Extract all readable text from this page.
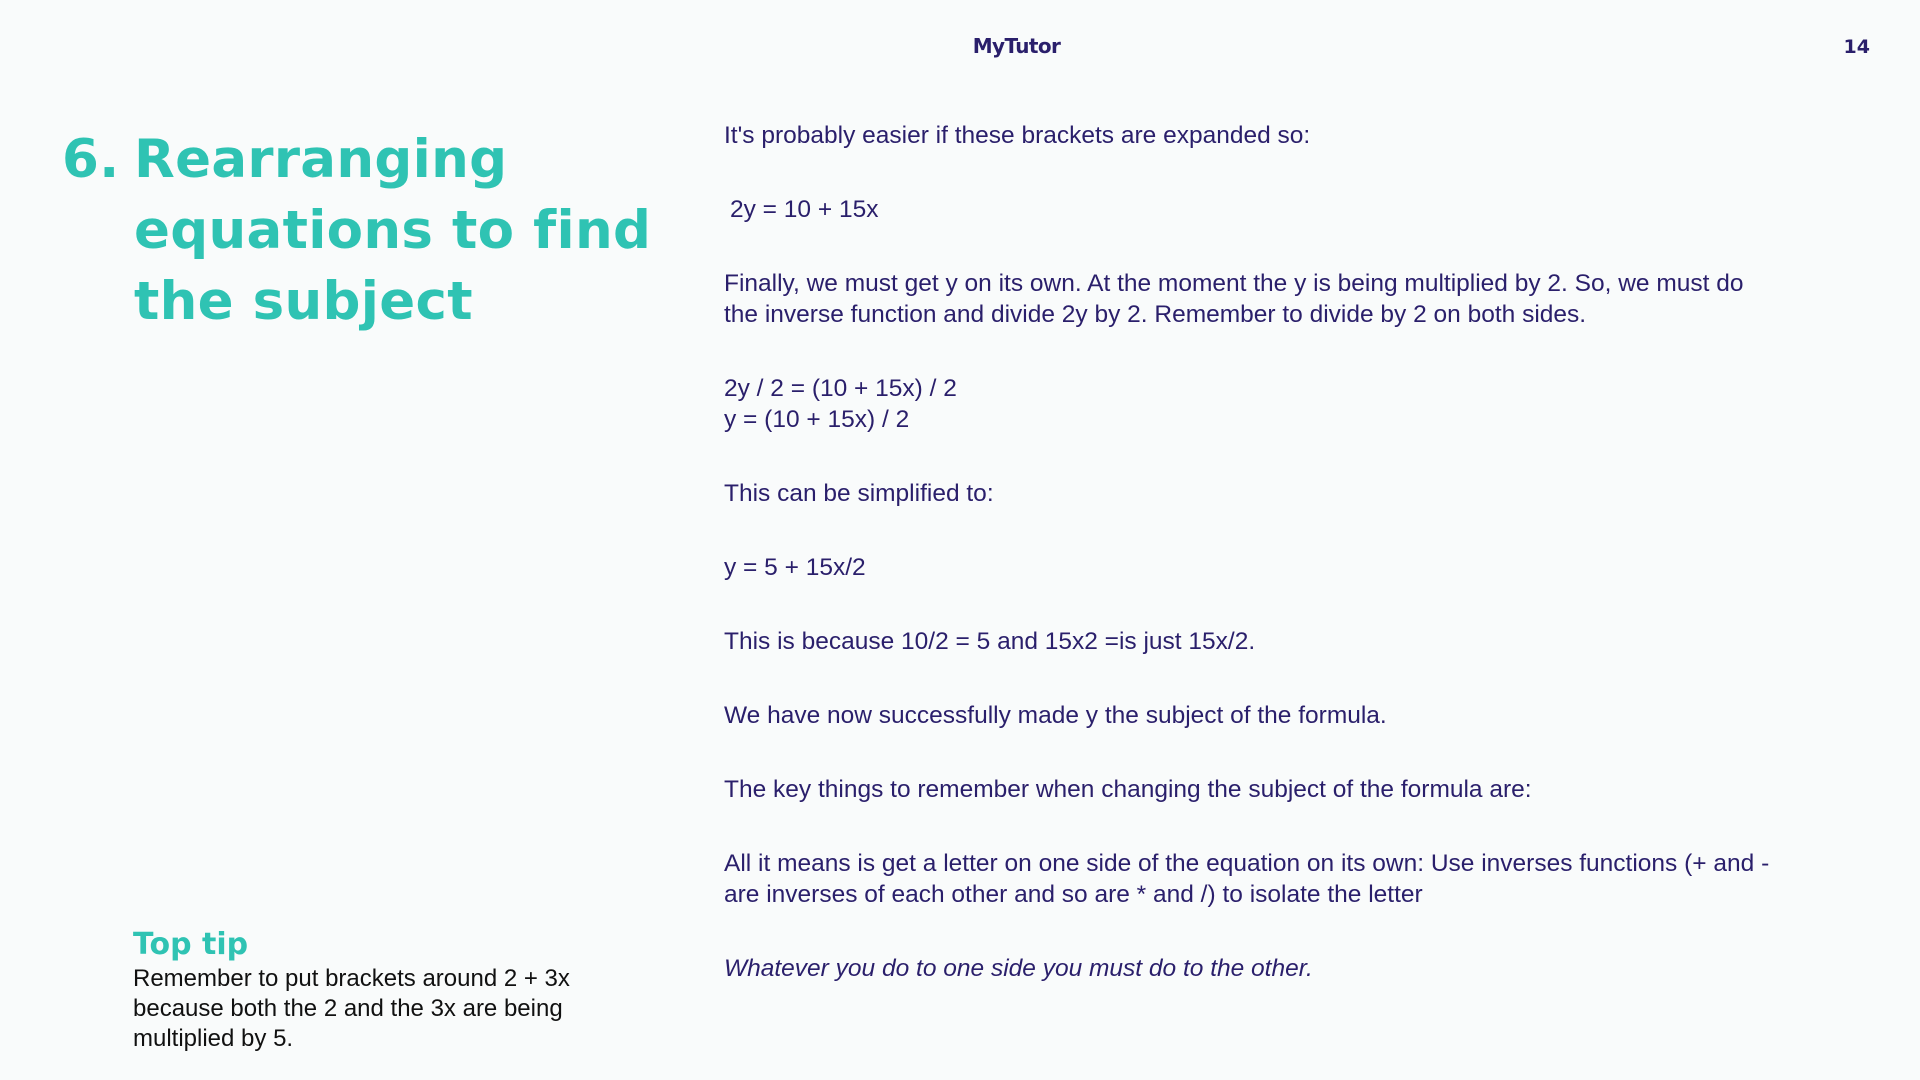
MyTutor	14
6. Rearranging equations to find the subject
Top tip
Remember to put brackets around 2 + 3x because both the 2 and the 3x are being multiplied by 5.

It's probably easier if these brackets are expanded so:

2y = 10 + 15x

Finally, we must get y on its own. At the moment the y is being multiplied by 2. So, we must do the inverse function and divide 2y by 2. Remember to divide by 2 on both sides.

2y / 2 = (10 + 15x) / 2
y = (10 + 15x) / 2

This can be simplified to:

y = 5 + 15x/2

This is because 10/2 = 5 and 15x2 =is just 15x/2.

We have now successfully made y the subject of the formula.

The key things to remember when changing the subject of the formula are:

All it means is get a letter on one side of the equation on its own: Use inverses functions (+ and - are inverses of each other and so are * and /) to isolate the letter

Whatever you do to one side you must do to the other.
